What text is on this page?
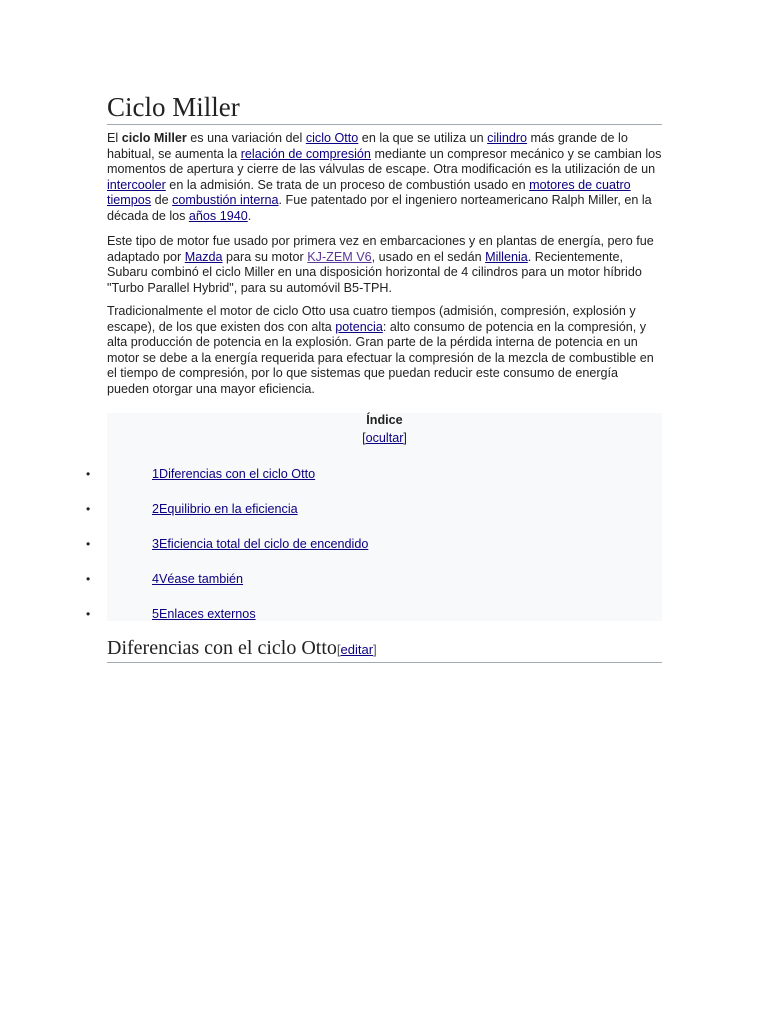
Ciclo Miller

El ciclo Miller es una variación del ciclo Otto en la que se utiliza un cilindro más grande de lo habitual, se aumenta la relación de compresión mediante un compresor mecánico y se cambian los momentos de apertura y cierre de las válvulas de escape. Otra modificación es la utilización de un intercooler en la admisión. Se trata de un proceso de combustión usado en motores de cuatro tiempos de combustión interna. Fue patentado por el ingeniero norteamericano Ralph Miller, en la década de los años 1940.

Este tipo de motor fue usado por primera vez en embarcaciones y en plantas de energía, pero fue adaptado por Mazda para su motor KJ-ZEM V6, usado en el sedán Millenia. Recientemente, Subaru combinó el ciclo Miller en una disposición horizontal de 4 cilindros para un motor híbrido "Turbo Parallel Hybrid", para su automóvil B5-TPH.

Tradicionalmente el motor de ciclo Otto usa cuatro tiempos (admisión, compresión, explosión y escape), de los que existen dos con alta potencia: alto consumo de potencia en la compresión, y alta producción de potencia en la explosión. Gran parte de la pérdida interna de potencia en un motor se debe a la energía requerida para efectuar la compresión de la mezcla de combustible en el tiempo de compresión, por lo que sistemas que puedan reducir este consumo de energía pueden otorgar una mayor eficiencia.

Índice
[ocultar]
•	1Diferencias con el ciclo Otto
•	2Equilibrio en la eficiencia
•	3Eficiencia total del ciclo de encendido
•	4Véase también
•	5Enlaces externos
Diferencias con el ciclo Otto[editar]
